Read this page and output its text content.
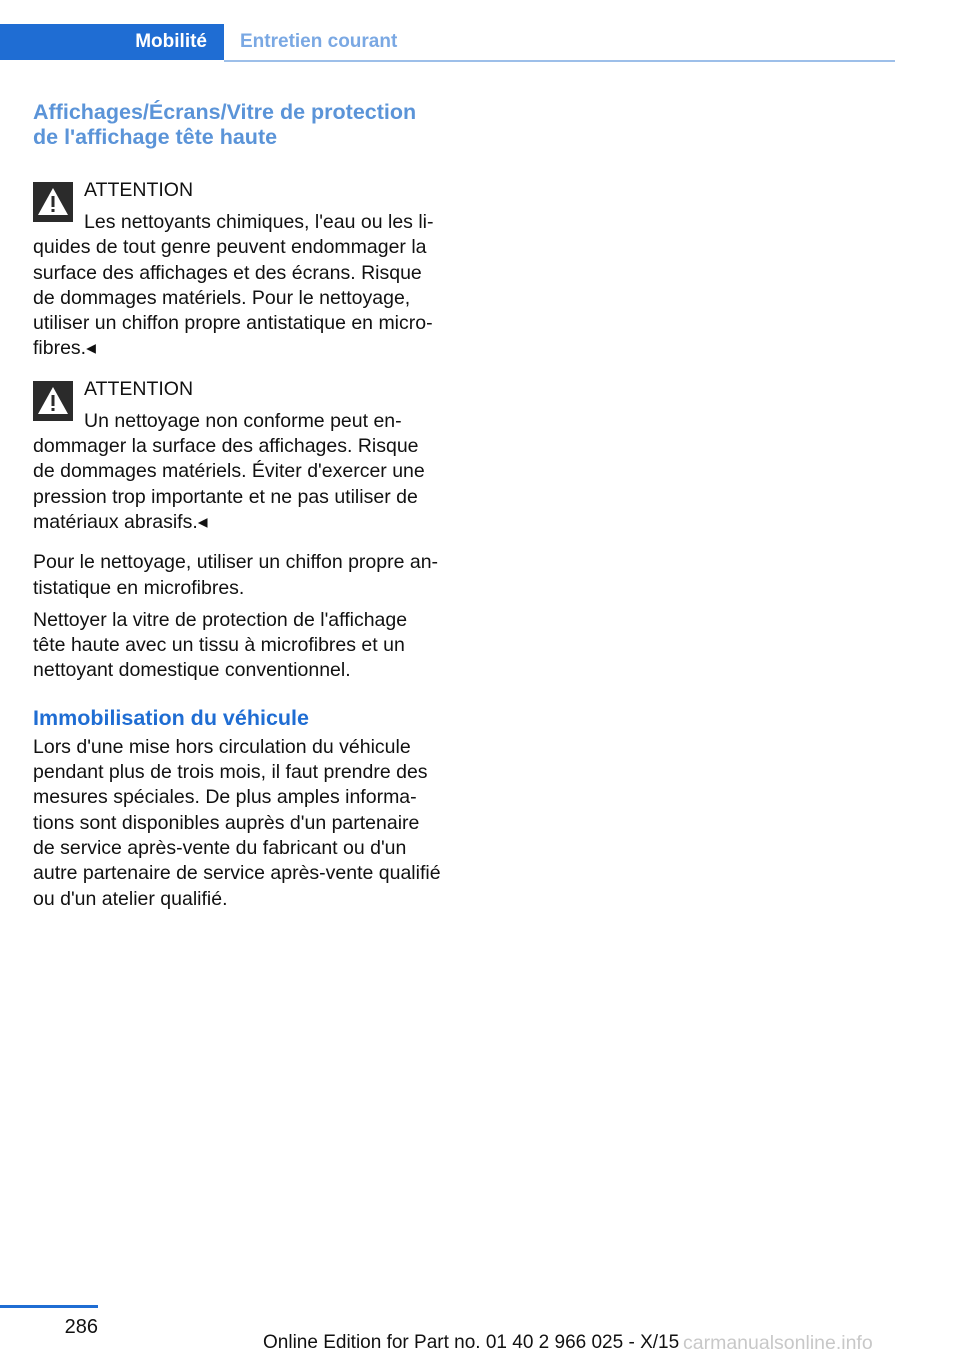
Mobilité	Entretien courant
Affichages/Écrans/Vitre de protection
de l'affichage tête haute
ATTENTION
Les nettoyants chimiques, l'eau ou les li-
quides de tout genre peuvent endommager la
surface des affichages et des écrans. Risque
de dommages matériels. Pour le nettoyage,
utiliser un chiffon propre antistatique en micro-
fibres.◂
ATTENTION
Un nettoyage non conforme peut en-
dommager la surface des affichages. Risque
de dommages matériels. Éviter d'exercer une
pression trop importante et ne pas utiliser de
matériaux abrasifs.◂
Pour le nettoyage, utiliser un chiffon propre an-
tistatique en microfibres.
Nettoyer la vitre de protection de l'affichage
tête haute avec un tissu à microfibres et un
nettoyant domestique conventionnel.
Immobilisation du véhicule
Lors d'une mise hors circulation du véhicule
pendant plus de trois mois, il faut prendre des
mesures spéciales. De plus amples informa-
tions sont disponibles auprès d'un partenaire
de service après-vente du fabricant ou d'un
autre partenaire de service après-vente qualifié
ou d'un atelier qualifié.
286
Online Edition for Part no. 01 40 2 966 025 - X/15 carmanualsonline.info
